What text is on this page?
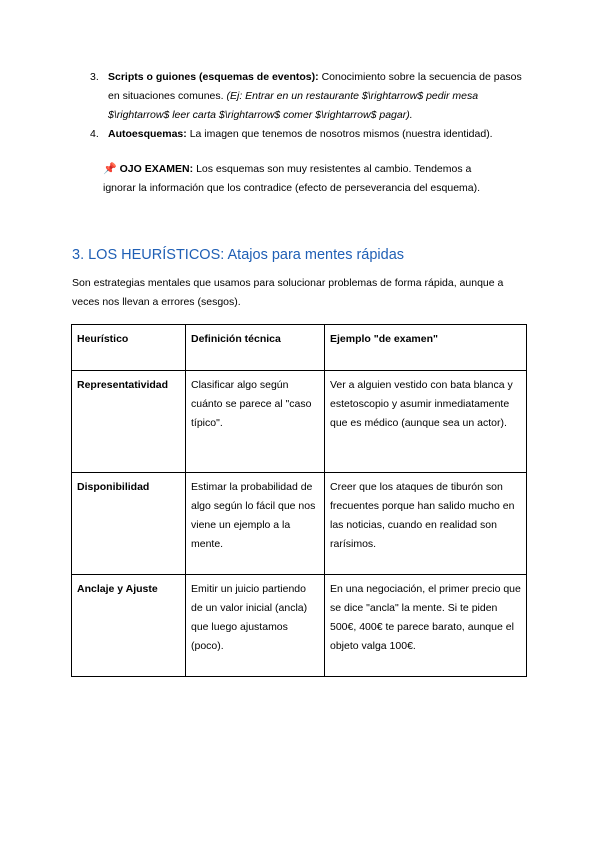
3. Scripts o guiones (esquemas de eventos): Conocimiento sobre la secuencia de pasos en situaciones comunes. (Ej: Entrar en un restaurante $\rightarrow$ pedir mesa $\rightarrow$ leer carta $\rightarrow$ comer $\rightarrow$ pagar).
4. Autoesquemas: La imagen que tenemos de nosotros mismos (nuestra identidad).
📌 OJO EXAMEN: Los esquemas son muy resistentes al cambio. Tendemos a ignorar la información que los contradice (efecto de perseverancia del esquema).
3. LOS HEURÍSTICOS: Atajos para mentes rápidas
Son estrategias mentales que usamos para solucionar problemas de forma rápida, aunque a veces nos llevan a errores (sesgos).
Heurístico	Definición técnica	Ejemplo "de examen"
Representatividad	Clasificar algo según cuánto se parece al "caso típico".	Ver a alguien vestido con bata blanca y estetoscopio y asumir inmediatamente que es médico (aunque sea un actor).
Disponibilidad	Estimar la probabilidad de algo según lo fácil que nos viene un ejemplo a la mente.	Creer que los ataques de tiburón son frecuentes porque han salido mucho en las noticias, cuando en realidad son rarísimos.
Anclaje y Ajuste	Emitir un juicio partiendo de un valor inicial (ancla) que luego ajustamos (poco).	En una negociación, el primer precio que se dice "ancla" la mente. Si te piden 500€, 400€ te parece barato, aunque el objeto valga 100€.
